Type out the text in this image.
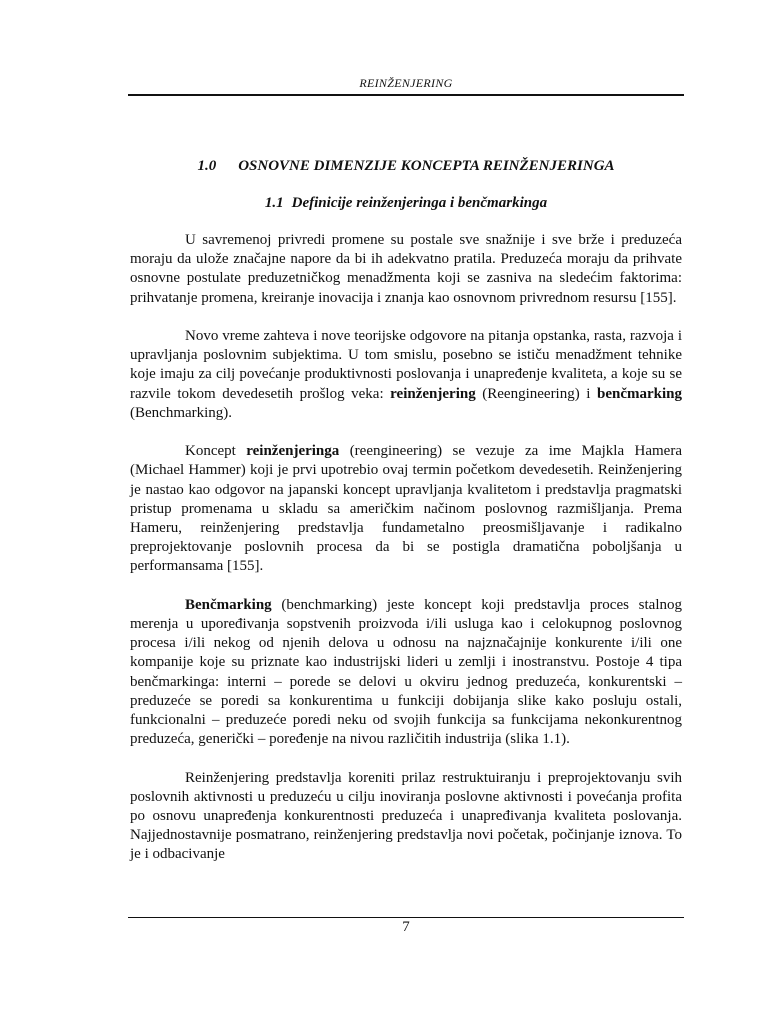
REINŽENJERING
1.0 OSNOVNE DIMENZIJE KONCEPTA REINŽENJERINGA
1.1 Definicije reinženjeringa i benčmarkinga

U savremenoj privredi promene su postale sve snažnije i sve brže i preduzeća moraju da ulože značajne napore da bi ih adekvatno pratila. Preduzeća moraju da prihvate osnovne postulate preduzetničkog menadžmenta koji se zasniva na sledećim faktorima: prihvatanje promena, kreiranje inovacija i znanja kao osnovnom privrednom resursu [155].

Novo vreme zahteva i nove teorijske odgovore na pitanja opstanka, rasta, razvoja i upravljanja poslovnim subjektima. U tom smislu, posebno se ističu menadžment tehnike koje imaju za cilj povećanje produktivnosti poslovanja i unapređenje kvaliteta, a koje su se razvile tokom devedesetih prošlog veka: reinženjering (Reengineering) i benčmarking (Benchmarking).

Koncept reinženjeringa (reengineering) se vezuje za ime Majkla Hamera (Michael Hammer) koji je prvi upotrebio ovaj termin početkom devedesetih. Reinženjering je nastao kao odgovor na japanski koncept upravljanja kvalitetom i predstavlja pragmatski pristup promenama u skladu sa američkim načinom poslovnog razmišljanja. Prema Hameru, reinženjering predstavlja fundametalno preosmišljavanje i radikalno preprojektovanje poslovnih procesa da bi se postigla dramatična poboljšanja u performansama [155].

Benčmarking (benchmarking) jeste koncept koji predstavlja proces stalnog merenja u upoređivanja sopstvenih proizvoda i/ili usluga kao i celokupnog poslovnog procesa i/ili nekog od njenih delova u odnosu na najznačajnije konkurente i/ili one kompanije koje su priznate kao industrijski lideri u zemlji i inostranstvu. Postoje 4 tipa benčmarkinga: interni – porede se delovi u okviru jednog preduzeća, konkurentski – preduzeće se poredi sa konkurentima u funkciji dobijanja slike kako posluju ostali, funkcionalni – preduzeće poredi neku od svojih funkcija sa funkcijama nekonkurentnog preduzeća, generički – poređenje na nivou različitih industrija (slika 1.1).

Reinženjering predstavlja koreniti prilaz restruktuiranju i preprojektovanju svih poslovnih aktivnosti u preduzeću u cilju inoviranja poslovne aktivnosti i povećanja profita po osnovu unapređenja konkurentnosti preduzeća i unapređivanja kvaliteta poslovanja. Najjednostavnije posmatrano, reinženjering predstavlja novi početak, počinjanje iznova. To je i odbacivanje

7
